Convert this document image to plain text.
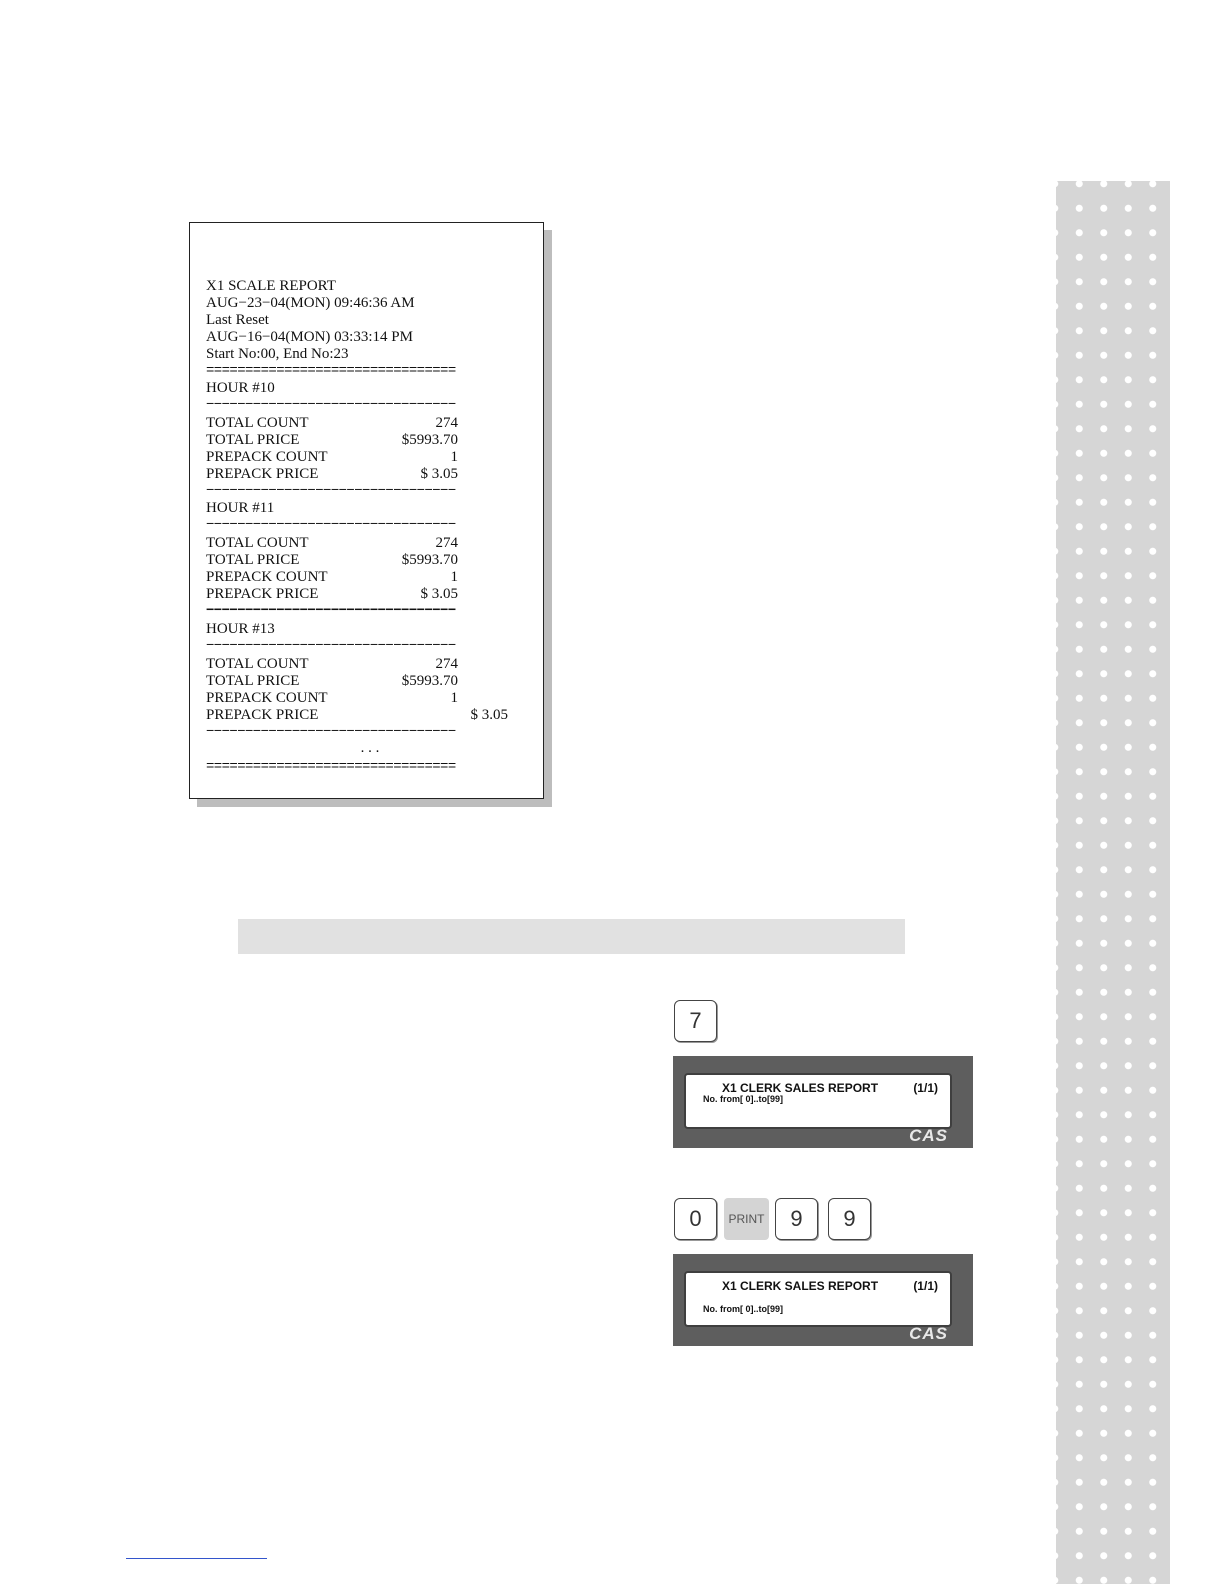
X1 SCALE REPORT
AUG−23−04(MON) 09:46:36 AM
Last Reset
AUG−16−04(MON) 03:33:14 PM
Start No:00, End No:23
================================
HOUR #10
−−−−−−−−−−−−−−−−−−−−−−−−−−−−−−−−
TOTAL COUNT	274
TOTAL PRICE	$5993.70
PREPACK COUNT	1
PREPACK PRICE	$ 3.05
−−−−−−−−−−−−−−−−−−−−−−−−−−−−−−−−
HOUR #11
−−−−−−−−−−−−−−−−−−−−−−−−−−−−−−−−
TOTAL COUNT	274
TOTAL PRICE	$5993.70
PREPACK COUNT	1
PREPACK PRICE	$ 3.05
−−−−−−−−−−−−−−−−−−−−−−−−−−−−−−−−
HOUR #13
−−−−−−−−−−−−−−−−−−−−−−−−−−−−−−−−
TOTAL COUNT	274
TOTAL PRICE	$5993.70
PREPACK COUNT	1
PREPACK PRICE	$ 3.05
−−−−−−−−−−−−−−−−−−−−−−−−−−−−−−−−
. . .
================================
7
X1 CLERK SALES REPORT	(1/1)
No. from[ 0]..to[99]
CAS
0	PRINT	9	9
X1 CLERK SALES REPORT	(1/1)
No. from[ 0]..to[99]
CAS
